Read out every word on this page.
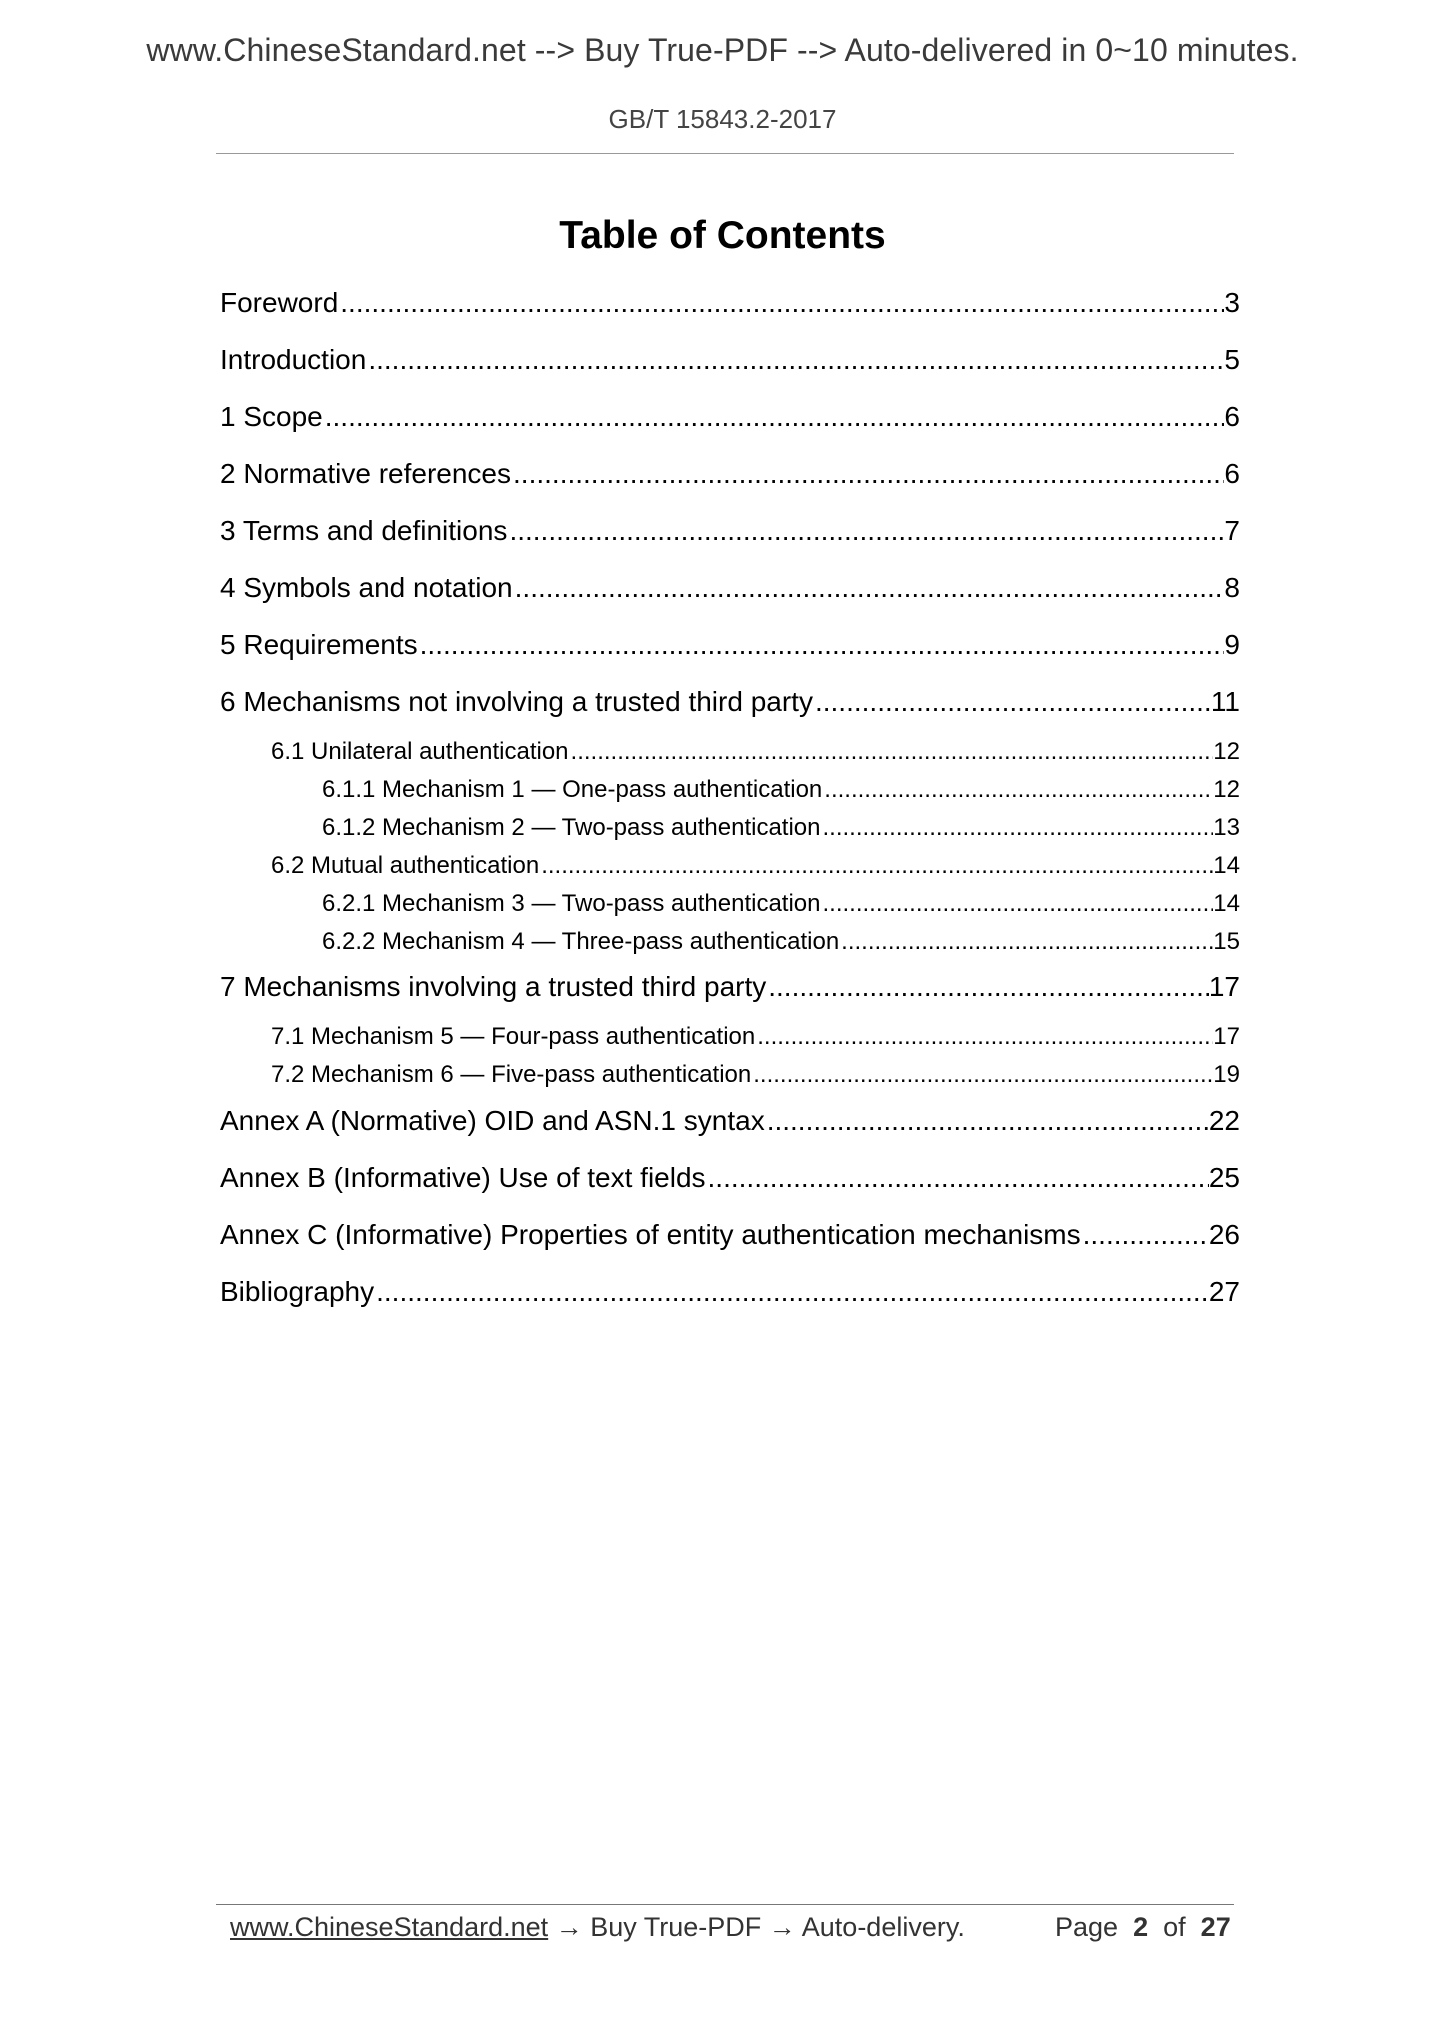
www.ChineseStandard.net --> Buy True-PDF --> Auto-delivered in 0~10 minutes.
GB/T 15843.2-2017
Table of Contents
Foreword .....	3
Introduction .....	5
1 Scope .....	6
2 Normative references .....	6
3 Terms and definitions .....	7
4 Symbols and notation .....	8
5 Requirements .....	9
6 Mechanisms not involving a trusted third party .....	11
6.1 Unilateral authentication .....	12
6.1.1 Mechanism 1 — One-pass authentication .....	12
6.1.2 Mechanism 2 — Two-pass authentication .....	13
6.2 Mutual authentication .....	14
6.2.1 Mechanism 3 — Two-pass authentication .....	14
6.2.2 Mechanism 4 — Three-pass authentication .....	15
7 Mechanisms involving a trusted third party .....	17
7.1 Mechanism 5 — Four-pass authentication .....	17
7.2 Mechanism 6 — Five-pass authentication .....	19
Annex A (Normative) OID and ASN.1 syntax .....	22
Annex B (Informative) Use of text fields .....	25
Annex C (Informative) Properties of entity authentication mechanisms .....	26
Bibliography .....	27
www.ChineseStandard.net → Buy True-PDF → Auto-delivery.	Page 2 of 27
